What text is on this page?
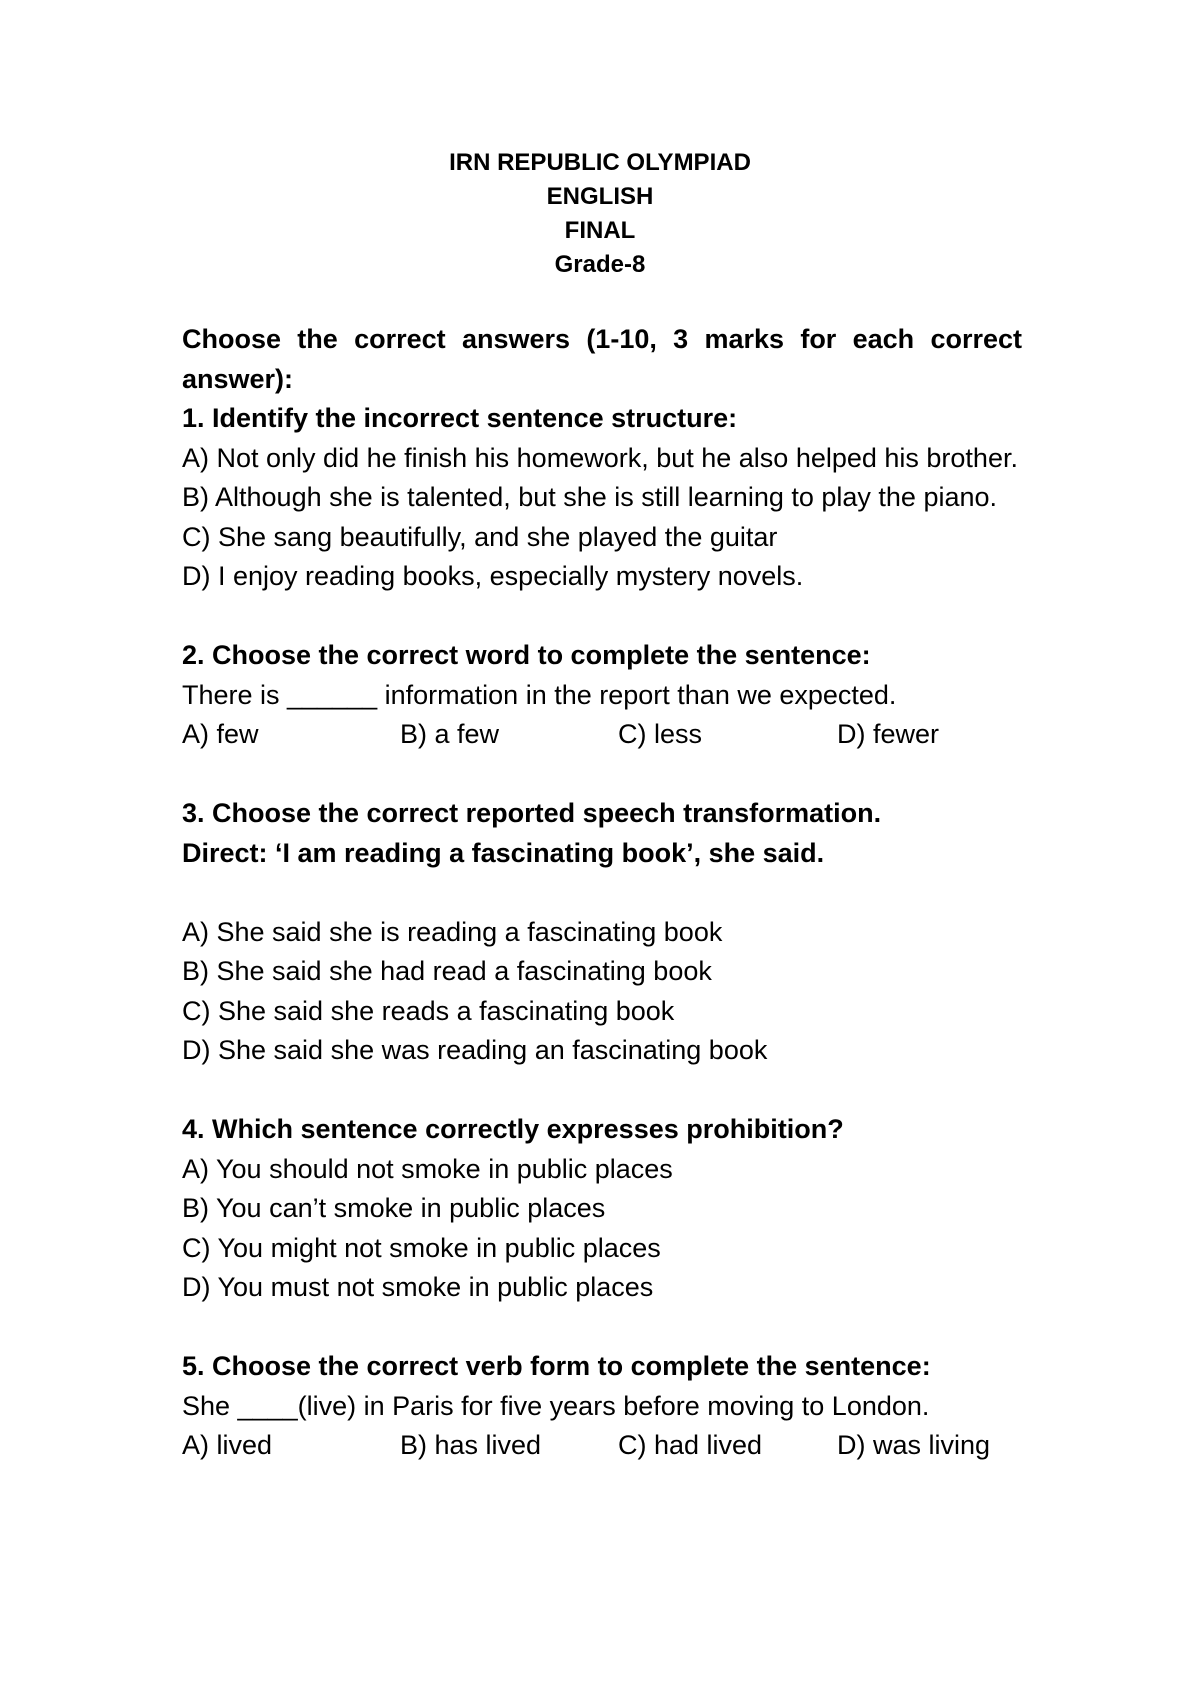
IRN REPUBLIC OLYMPIAD
ENGLISH
FINAL
Grade-8

Choose the correct answers (1-10, 3 marks for each correct answer):

1. Identify the incorrect sentence structure:

A) Not only did he finish his homework, but he also helped his brother.

B) Although she is talented, but she is still learning to play the piano.

C) She sang beautifully, and she played the guitar

D) I enjoy reading books, especially mystery novels.

2. Choose the correct word to complete the sentence:

There is ______ information in the report than we expected.

A) few	B) a few	C) less	D) fewer

3. Choose the correct reported speech transformation.

Direct: ‘I am reading a fascinating book’, she said.

A) She said she is reading a fascinating book

B) She said she had read a fascinating book

C) She said she reads a fascinating book

D) She said she was reading an fascinating book

4. Which sentence correctly expresses prohibition?

A) You should not smoke in public places

B) You can’t smoke in public places

C) You might not smoke in public places

D) You must not smoke in public places

5. Choose the correct verb form to complete the sentence:

She ____(live) in Paris for five years before moving to London.

A) lived	B) has lived	C) had lived	D) was living
